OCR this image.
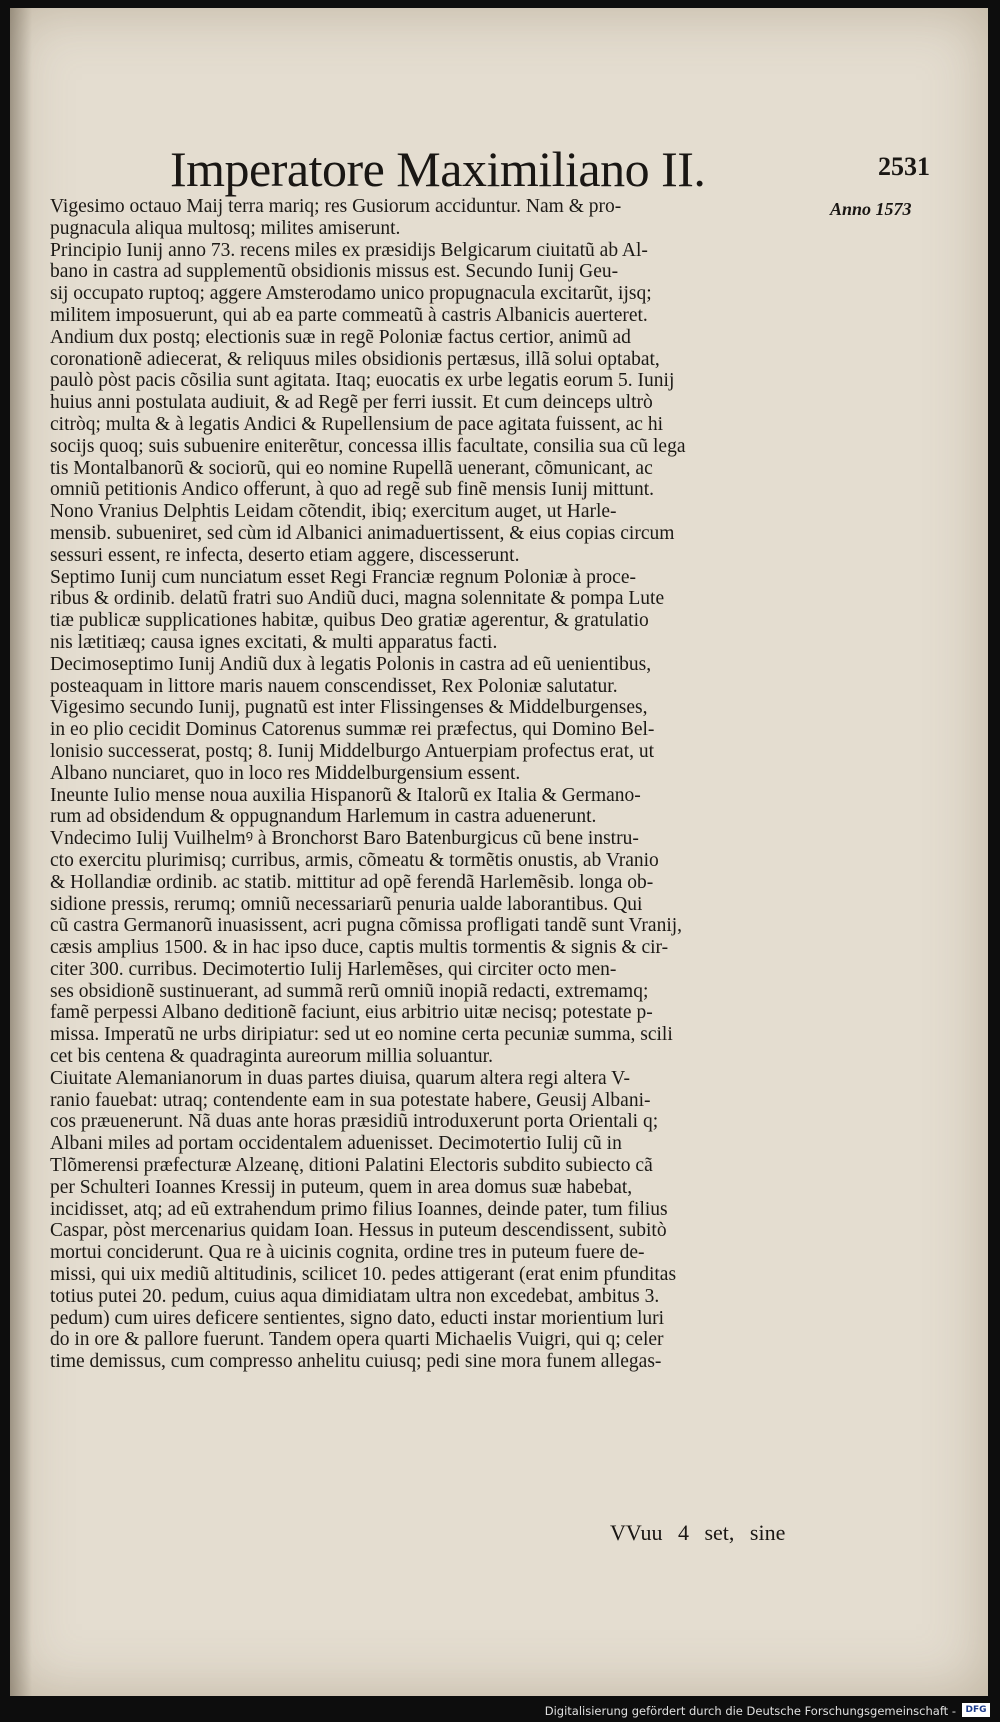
Imperatore Maximiliano II.	2531
Anno 1573
Vigesimo octauo Maij terra mariq; res Gusiorum acciduntur. Nam & pro-
pugnacula aliqua multosq; milites amiserunt.
Principio Iunij anno 73. recens miles ex præsidijs Belgicarum ciuitatũ ab Al-
bano in castra ad supplementũ obsidionis missus est. Secundo Iunij Geu-
sij occupato ruptoq; aggere Amsterodamo unico propugnacula excitarũt, ijsq;
militem imposuerunt, qui ab ea parte commeatũ à castris Albanicis auerteret.
Andium dux postq; electionis suæ in regẽ Poloniæ factus certior, animũ ad
coronationẽ adiecerat, & reliquus miles obsidionis pertæsus, illã solui optabat,
paulò pòst pacis cõsilia sunt agitata. Itaq; euocatis ex urbe legatis eorum 5. Iunij
huius anni postulata audiuit, & ad Regẽ per ferri iussit. Et cum deinceps ultrò
citròq; multa & à legatis Andici & Rupellensium de pace agitata fuissent, ac hi
socijs quoq; suis subuenire eniterẽtur, concessa illis facultate, consilia sua cũ lega
tis Montalbanorũ & sociorũ, qui eo nomine Rupellã uenerant, cõmunicant, ac
omniũ petitionis Andico offerunt, à quo ad regẽ sub finẽ mensis Iunij mittunt.
Nono Vranius Delphtis Leidam cõtendit, ibiq; exercitum auget, ut Harle-
mensib. subueniret, sed cùm id Albanici animaduertissent, & eius copias circum
sessuri essent, re infecta, deserto etiam aggere, discesserunt.
Septimo Iunij cum nunciatum esset Regi Franciæ regnum Poloniæ à proce-
ribus & ordinib. delatũ fratri suo Andiũ duci, magna solennitate & pompa Lute
tiæ publicæ supplicationes habitæ, quibus Deo gratiæ agerentur, & gratulatio
nis lætitiæq; causa ignes excitati, & multi apparatus facti.
Decimoseptimo Iunij Andiũ dux à legatis Polonis in castra ad eũ uenientibus,
posteaquam in littore maris nauem conscendisset, Rex Poloniæ salutatur.
Vigesimo secundo Iunij, pugnatũ est inter Flissingenses & Middelburgenses,
in eo plio cecidit Dominus Catorenus summæ rei præfectus, qui Domino Bel-
lonisio successerat, postq; 8. Iunij Middelburgo Antuerpiam profectus erat, ut
Albano nunciaret, quo in loco res Middelburgensium essent.
Ineunte Iulio mense noua auxilia Hispanorũ & Italorũ ex Italia & Germano-
rum ad obsidendum & oppugnandum Harlemum in castra aduenerunt.
Vndecimo Iulij Vuilhelmꝰ à Bronchorst Baro Batenburgicus cũ bene instru-
cto exercitu plurimisq; curribus, armis, cõmeatu & tormẽtis onustis, ab Vranio
& Hollandiæ ordinib. ac statib. mittitur ad opẽ ferendã Harlemẽsib. longa ob-
sidione pressis, rerumq; omniũ necessariarũ penuria ualde laborantibus. Qui
cũ castra Germanorũ inuasissent, acri pugna cõmissa profligati tandẽ sunt Vranij,
cæsis amplius 1500. & in hac ipso duce, captis multis tormentis & signis & cir-
citer 300. curribus. Decimotertio Iulij Harlemẽses, qui circiter octo men-
ses obsidionẽ sustinuerant, ad summã rerũ omniũ inopiã redacti, extremamq;
famẽ perpessi Albano deditionẽ faciunt, eius arbitrio uitæ necisq; potestate p-
missa. Imperatũ ne urbs diripiatur: sed ut eo nomine certa pecuniæ summa, scili
cet bis centena & quadraginta aureorum millia soluantur.
Ciuitate Alemanianorum in duas partes diuisa, quarum altera regi altera V-
ranio fauebat: utraq; contendente eam in sua potestate habere, Geusij Albani-
cos præuenerunt. Nã duas ante horas præsidiũ introduxerunt porta Orientali q;
Albani miles ad portam occidentalem aduenisset. Decimotertio Iulij cũ in
Tlõmerensi præfecturæ Alzeanę, ditioni Palatini Electoris subdito subiecto cã
per Schulteri Ioannes Kressij in puteum, quem in area domus suæ habebat,
incidisset, atq; ad eũ extrahendum primo filius Ioannes, deinde pater, tum filius
Caspar, pòst mercenarius quidam Ioan. Hessus in puteum descendissent, subitò
mortui conciderunt. Qua re à uicinis cognita, ordine tres in puteum fuere de-
missi, qui uix mediũ altitudinis, scilicet 10. pedes attigerant (erat enim pfunditas
totius putei 20. pedum, cuius aqua dimidiatam ultra non excedebat, ambitus 3.
pedum) cum uires deficere sentientes, signo dato, educti instar morientium luri
do in ore & pallore fuerunt. Tandem opera quarti Michaelis Vuigri, qui q; celer
time demissus, cum compresso anhelitu cuiusq; pedi sine mora funem allegas-
VVuu 4 set, sine
Digitalisierung gefördert durch die Deutsche Forschungsgemeinschaft -	DFG
